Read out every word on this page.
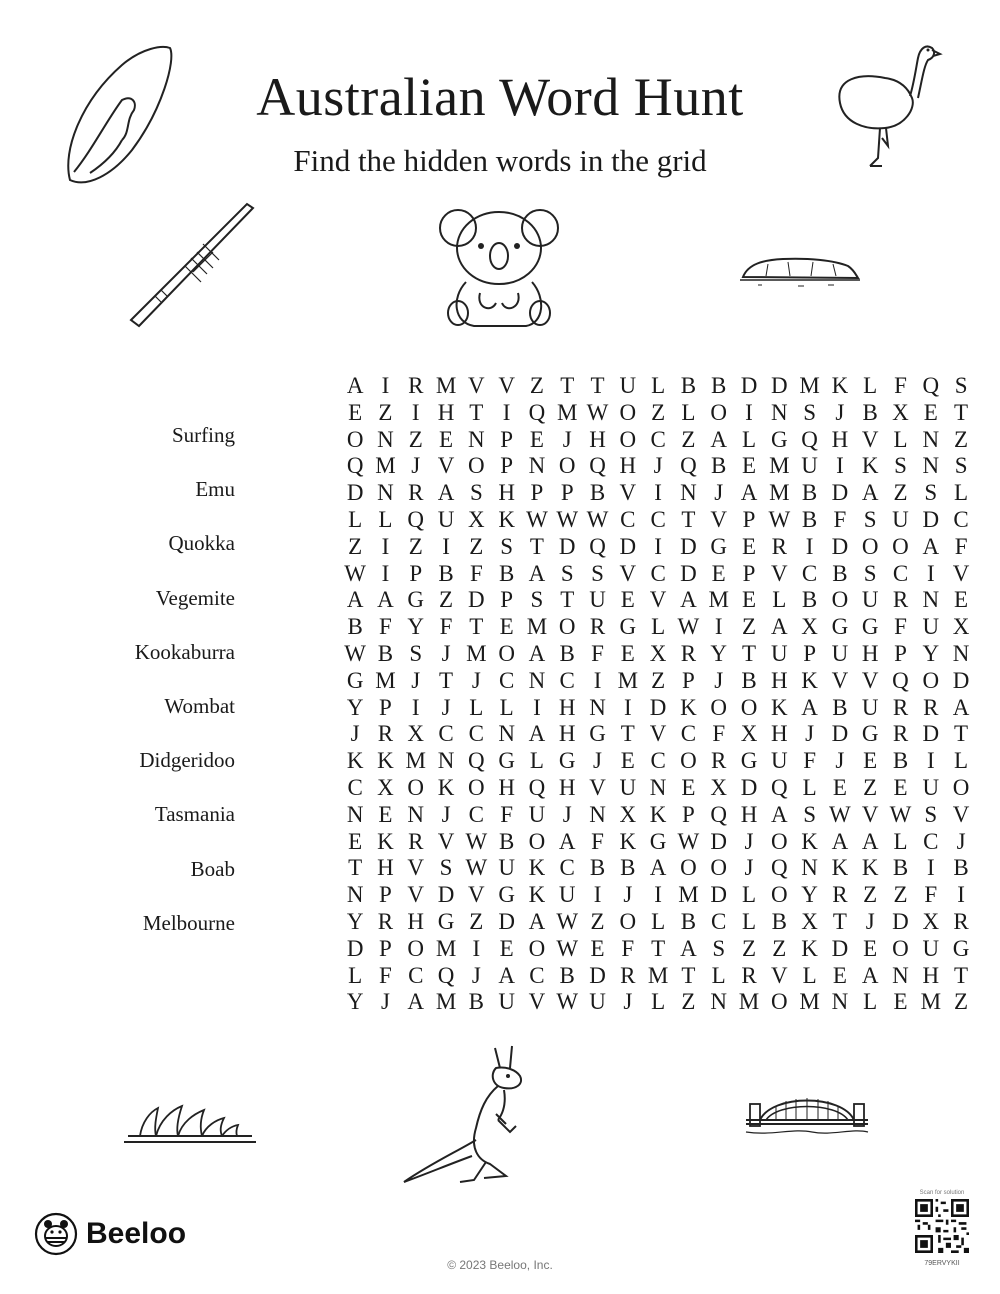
Australian Word Hunt
Find the hidden words in the grid
Surfing
Emu
Quokka
Vegemite
Kookaburra
Wombat
Didgeridoo
Tasmania
Boab
Melbourne
A	I	R	M	V	V	Z	T	T	U	L	B	B	D	D	M	K	L	F	Q	S
E	Z	I	H	T	I	Q	M	W	O	Z	L	O	I	N	S	J	B	X	E	T
O	N	Z	E	N	P	E	J	H	O	C	Z	A	L	G	Q	H	V	L	N	Z
Q	M	J	V	O	P	N	O	Q	H	J	Q	B	E	M	U	I	K	S	N	S
D	N	R	A	S	H	P	P	B	V	I	N	J	A	M	B	D	A	Z	S	L
L	L	Q	U	X	K	W	W	W	C	C	T	V	P	W	B	F	S	U	D	C
Z	I	Z	I	Z	S	T	D	Q	D	I	D	G	E	R	I	D	O	O	A	F
W	I	P	B	F	B	A	S	S	V	C	D	E	P	V	C	B	S	C	I	V
A	A	G	Z	D	P	S	T	U	E	V	A	M	E	L	B	O	U	R	N	E
B	F	Y	F	T	E	M	O	R	G	L	W	I	Z	A	X	G	G	F	U	X
W	B	S	J	M	O	A	B	F	E	X	R	Y	T	U	P	U	H	P	Y	N
G	M	J	T	J	C	N	C	I	M	Z	P	J	B	H	K	V	V	Q	O	D
Y	P	I	J	L	L	I	H	N	I	D	K	O	O	K	A	B	U	R	R	A
J	R	X	C	C	N	A	H	G	T	V	C	F	X	H	J	D	G	R	D	T
K	K	M	N	Q	G	L	G	J	E	C	O	R	G	U	F	J	E	B	I	L
C	X	O	K	O	H	Q	H	V	U	N	E	X	D	Q	L	E	Z	E	U	O
N	E	N	J	C	F	U	J	N	X	K	P	Q	H	A	S	W	V	W	S	V
E	K	R	V	W	B	O	A	F	K	G	W	D	J	O	K	A	A	L	C	J
T	H	V	S	W	U	K	C	B	B	A	O	O	J	Q	N	K	K	B	I	B
N	P	V	D	V	G	K	U	I	J	I	M	D	L	O	Y	R	Z	Z	F	I
Y	R	H	G	Z	D	A	W	Z	O	L	B	C	L	B	X	T	J	D	X	R
D	P	O	M	I	E	O	W	E	F	T	A	S	Z	Z	K	D	E	O	U	G
L	F	C	Q	J	A	C	B	D	R	M	T	L	R	V	L	E	A	N	H	T
Y	J	A	M	B	U	V	W	U	J	L	Z	N	M	O	M	N	L	E	M	Z
Beeloo
© 2023 Beeloo, Inc.
Scan for solution
79ERVYKII
